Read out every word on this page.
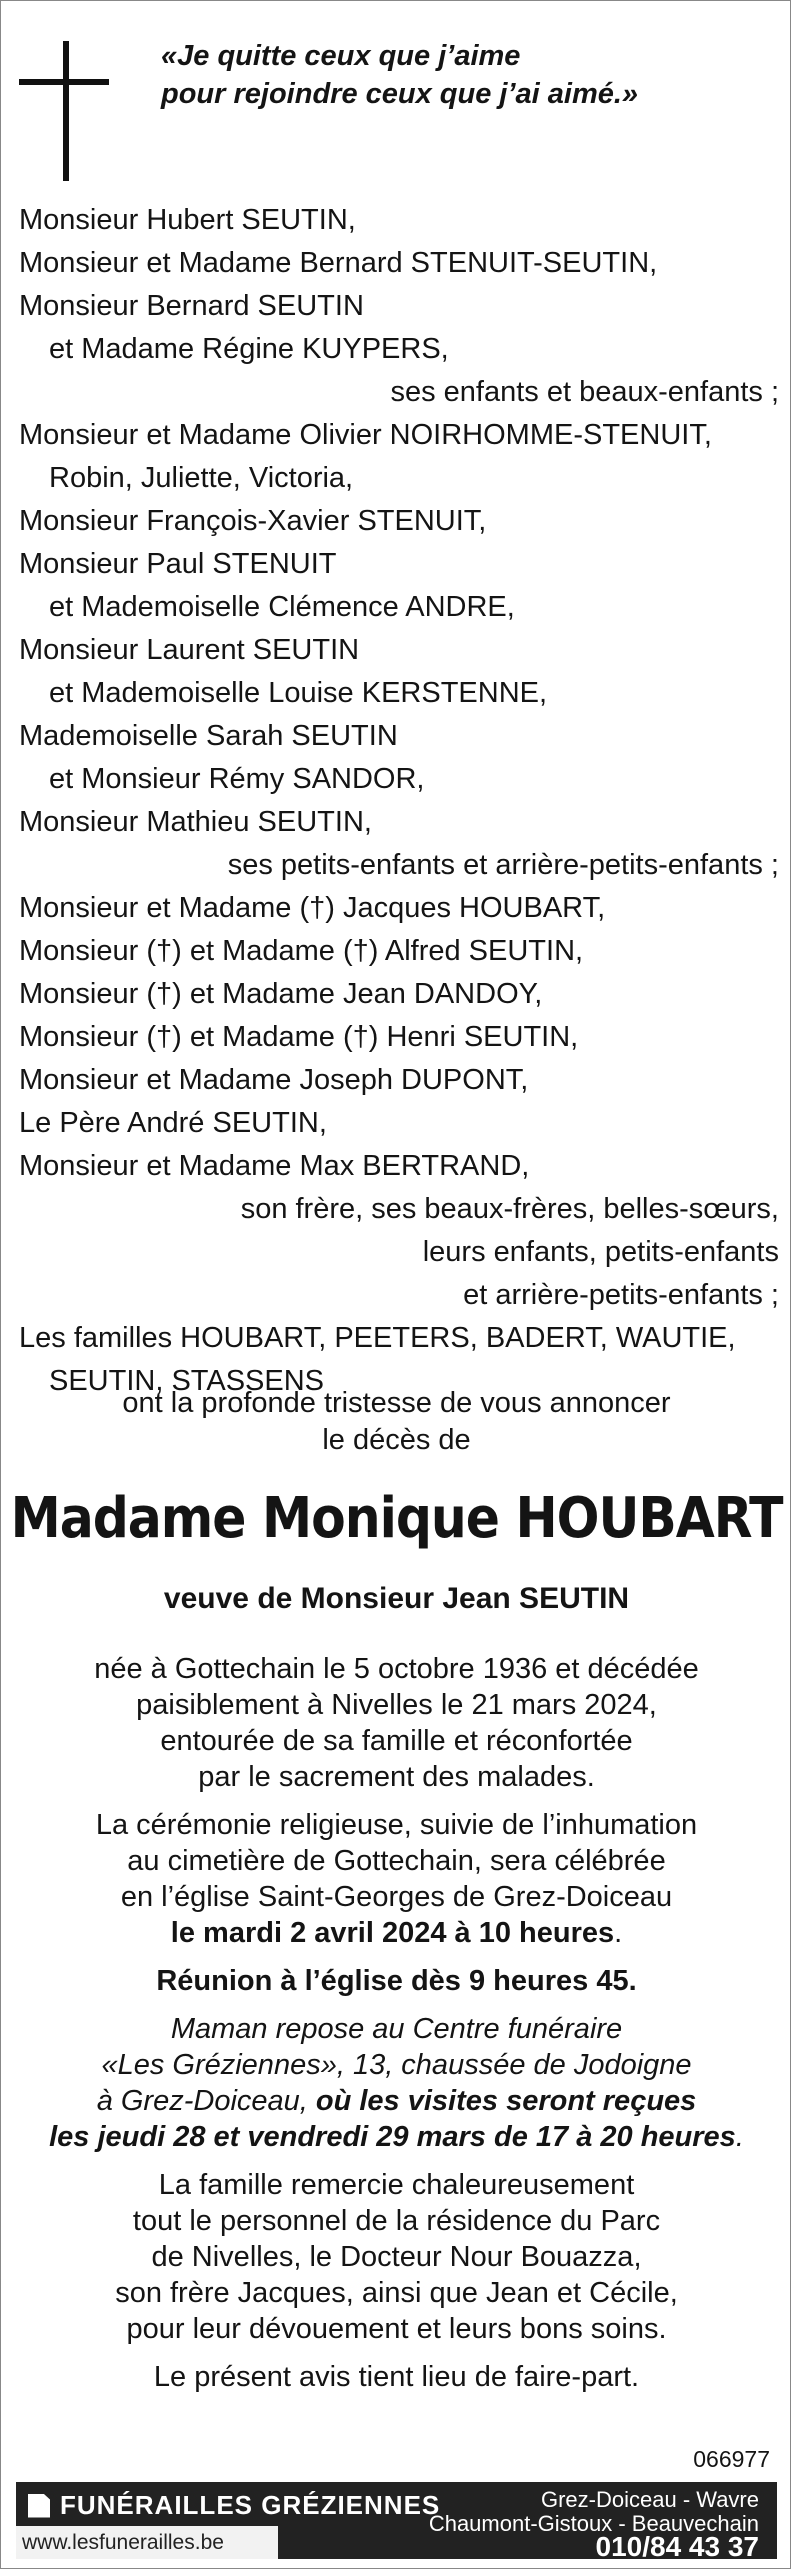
«Je quitte ceux que j’aime
pour rejoindre ceux que j’ai aimé.»
Monsieur Hubert SEUTIN,
Monsieur et Madame Bernard STENUIT-SEUTIN,
Monsieur Bernard SEUTIN
et Madame Régine KUYPERS,
ses enfants et beaux-enfants ;
Monsieur et Madame Olivier NOIRHOMME-STENUIT,
Robin, Juliette, Victoria,
Monsieur François-Xavier STENUIT,
Monsieur Paul STENUIT
et Mademoiselle Clémence ANDRE,
Monsieur Laurent SEUTIN
et Mademoiselle Louise KERSTENNE,
Mademoiselle Sarah SEUTIN
et Monsieur Rémy SANDOR,
Monsieur Mathieu SEUTIN,
ses petits-enfants et arrière-petits-enfants ;
Monsieur et Madame (†) Jacques HOUBART,
Monsieur (†) et Madame (†) Alfred SEUTIN,
Monsieur (†) et Madame Jean DANDOY,
Monsieur (†) et Madame (†) Henri SEUTIN,
Monsieur et Madame Joseph DUPONT,
Le Père André SEUTIN,
Monsieur et Madame Max BERTRAND,
son frère, ses beaux-frères, belles-sœurs,
leurs enfants, petits-enfants
et arrière-petits-enfants ;
Les familles HOUBART, PEETERS, BADERT, WAUTIE,
SEUTIN, STASSENS
ont la profonde tristesse de vous annoncer
le décès de
Madame Monique HOUBART
veuve de Monsieur Jean SEUTIN
née à Gottechain le 5 octobre 1936 et décédée
paisiblement à Nivelles le 21 mars 2024,
entourée de sa famille et réconfortée
par le sacrement des malades.
La cérémonie religieuse, suivie de l’inhumation
au cimetière de Gottechain, sera célébrée
en l’église Saint-Georges de Grez-Doiceau
le mardi 2 avril 2024 à 10 heures.
Réunion à l’église dès 9 heures 45.
Maman repose au Centre funéraire
«Les Gréziennes», 13, chaussée de Jodoigne
à Grez-Doiceau, où les visites seront reçues
les jeudi 28 et vendredi 29 mars de 17 à 20 heures.
La famille remercie chaleureusement
tout le personnel de la résidence du Parc
de Nivelles, le Docteur Nour Bouazza,
son frère Jacques, ainsi que Jean et Cécile,
pour leur dévouement et leurs bons soins.
Le présent avis tient lieu de faire-part.
066977
FUNÉRAILLES GRÉZIENNES
www.lesfunerailles.be
Grez-Doiceau - Wavre
Chaumont-Gistoux - Beauvechain
010/84 43 37
